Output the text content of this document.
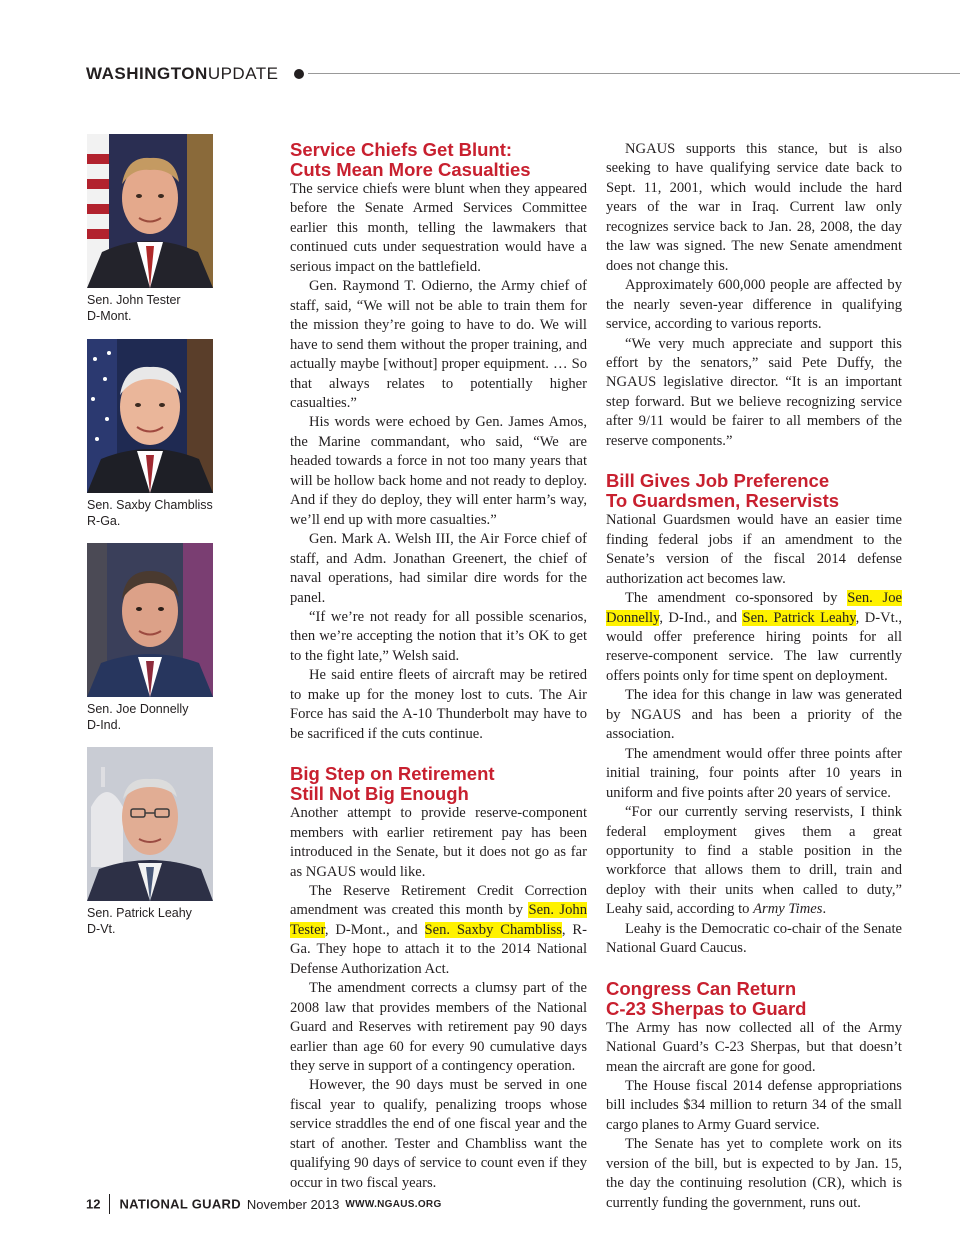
WASHINGTONUPDATE
Sen. John Tester
D-Mont.
Sen. Saxby Chambliss
R-Ga.
Sen. Joe Donnelly
D-Ind.
Sen. Patrick Leahy
D-Vt.
Service Chiefs Get Blunt:
Cuts Mean More Casualties

The service chiefs were blunt when they appeared before the Senate Armed Services Committee earlier this month, telling the lawmakers that continued cuts under sequestration would have a serious impact on the battlefield.

Gen. Raymond T. Odierno, the Army chief of staff, said, “We will not be able to train them for the mission they’re going to have to do. We will have to send them without the proper training, and actually maybe [without] proper equipment. … So that always relates to potentially higher casualties.”

His words were echoed by Gen. James Amos, the Marine commandant, who said, “We are headed towards a force in not too many years that will be hollow back home and not ready to deploy. And if they do deploy, they will enter harm’s way, we’ll end up with more casualties.”

Gen. Mark A. Welsh III, the Air Force chief of staff, and Adm. Jonathan Greenert, the chief of naval operations, had similar dire words for the panel.

“If we’re not ready for all possible scenarios, then we’re accepting the notion that it’s OK to get to the fight late,” Welsh said.

He said entire fleets of aircraft may be retired to make up for the money lost to cuts. The Air Force has said the A-10 Thunderbolt may have to be sacrificed if the cuts continue.

Big Step on Retirement
Still Not Big Enough

Another attempt to provide reserve-component members with earlier retirement pay has been introduced in the Senate, but it does not go as far as NGAUS would like.

The Reserve Retirement Credit Correction amendment was created this month by Sen. John Tester, D-Mont., and Sen. Saxby Chambliss, R-Ga. They hope to attach it to the 2014 National Defense Authorization Act.

The amendment corrects a clumsy part of the 2008 law that provides members of the National Guard and Reserves with retirement pay 90 days earlier than age 60 for every 90 cumulative days they serve in support of a contingency operation.

However, the 90 days must be served in one fiscal year to qualify, penalizing troops whose service straddles the end of one fiscal year and the start of another. Tester and Chambliss want the qualifying 90 days of service to count even if they occur in two fiscal years.

NGAUS supports this stance, but is also seeking to have qualifying service date back to Sept. 11, 2001, which would include the hard years of the war in Iraq. Current law only recognizes service back to Jan. 28, 2008, the day the law was signed. The new Senate amendment does not change this.

Approximately 600,000 people are affected by the nearly seven-year difference in qualifying service, according to various reports.

“We very much appreciate and support this effort by the senators,” said Pete Duffy, the NGAUS legislative director. “It is an important step forward. But we believe recognizing service after 9/11 would be fairer to all members of the reserve components.”

Bill Gives Job Preference
To Guardsmen, Reservists

National Guardsmen would have an easier time finding federal jobs if an amendment to the Senate’s version of the fiscal 2014 defense authorization act becomes law.

The amendment co-sponsored by Sen. Joe Donnelly, D-Ind., and Sen. Patrick Leahy, D-Vt., would offer preference hiring points for all reserve-component service. The law currently offers points only for time spent on deployment.

The idea for this change in law was generated by NGAUS and has been a priority of the association.

The amendment would offer three points after initial training, four points after 10 years in uniform and five points after 20 years of service.

“For our currently serving reservists, I think federal employment gives them a great opportunity to find a stable position in the workforce that allows them to drill, train and deploy with their units when called to duty,” Leahy said, according to Army Times.

Leahy is the Democratic co-chair of the Senate National Guard Caucus.

Congress Can Return
C-23 Sherpas to Guard

The Army has now collected all of the Army National Guard’s C-23 Sherpas, but that doesn’t mean the aircraft are gone for good.

The House fiscal 2014 defense appropriations bill includes $34 million to return 34 of the small cargo planes to Army Guard service.

The Senate has yet to complete work on its version of the bill, but is expected to by Jan. 15, the day the continuing resolution (CR), which is currently funding the government, runs out.

12 NATIONAL GUARD November 2013 WWW.NGAUS.ORG
